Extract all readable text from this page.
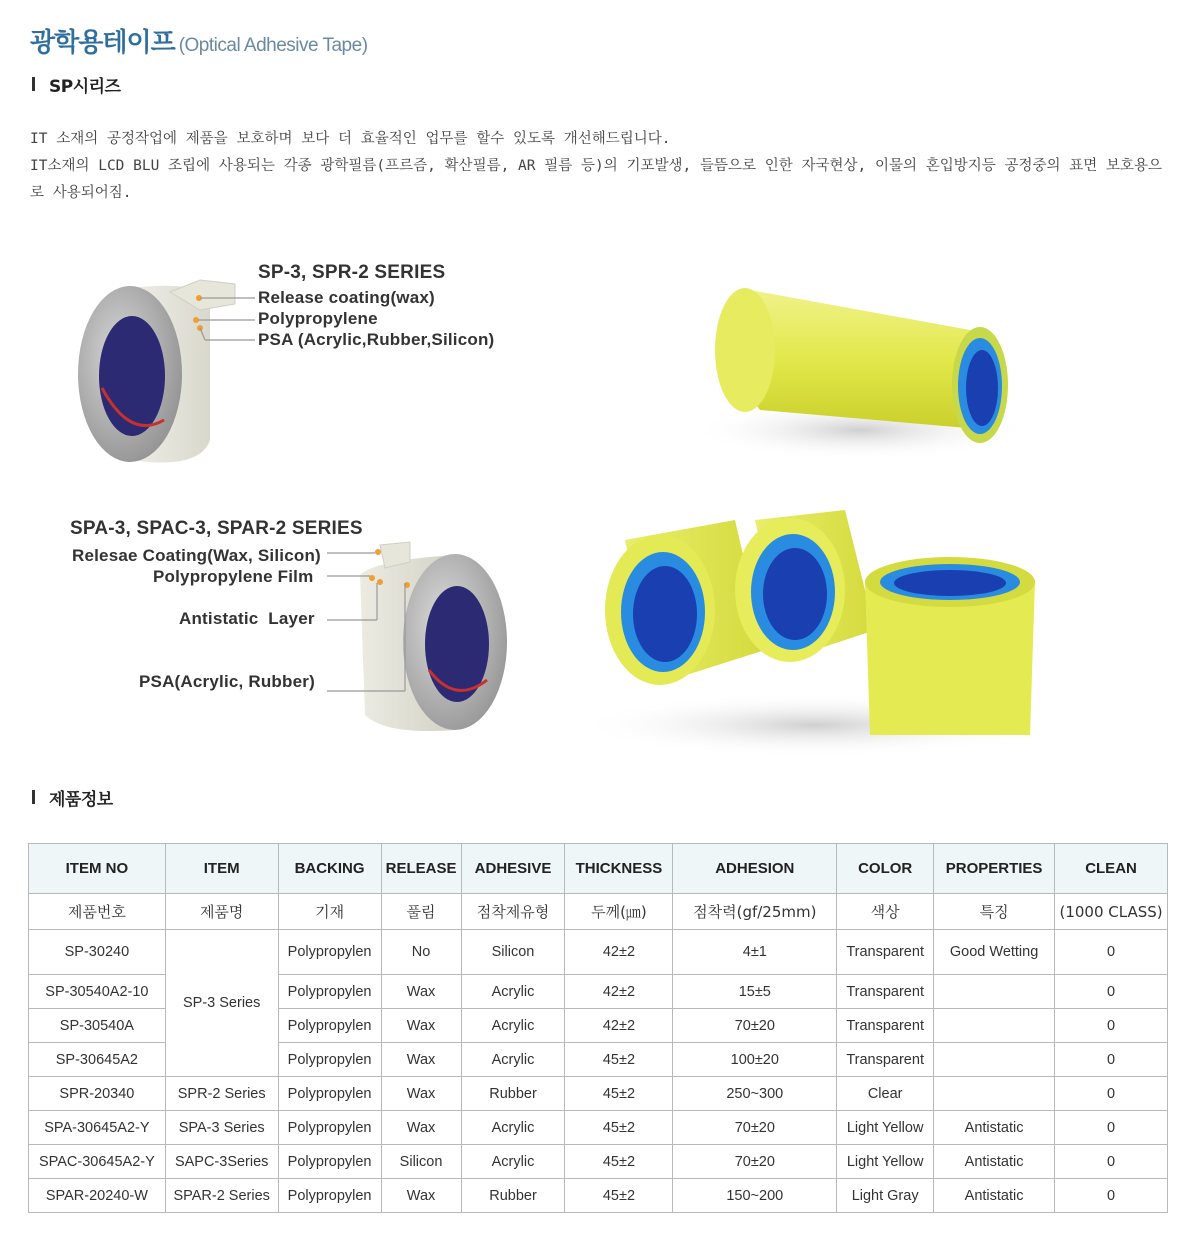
광학용테이프 (Optical Adhesive Tape)
SP시리즈

IT 소재의 공정작업에 제품을 보호하며 보다 더 효율적인 업무를 할수 있도록 개선해드립니다.

IT소재의 LCD BLU 조립에 사용되는 각종 광학필름(프르즘, 확산필름, AR 필름 등)의 기포발생, 들뜸으로 인한 자국현상, 이물의 혼입방지등 공정중의 표면 보호용으로 사용되어짐.

SP-3, SPR-2 SERIES
Release coating(wax)
Polypropylene
PSA (Acrylic,Rubber,Silicon)
SPA-3, SPAC-3, SPAR-2 SERIES
Relesae Coating(Wax, Silicon)
Polypropylene Film
Antistatic  Layer
PSA(Acrylic, Rubber)
제품정보
ITEM NO	ITEM	BACKING	RELEASE	ADHESIVE	THICKNESS	ADHESION	COLOR	PROPERTIES	CLEAN
제품번호	제품명	기재	풀림	점착제유형	두께(㎛)	점착력(gf/25mm)	색상	특징	(1000 CLASS)
SP-30240	SP-3 Series	Polypropylen	No	Silicon	42±2	4±1	Transparent	Good Wetting	0
SP-30540A2-10		Polypropylen	Wax	Acrylic	42±2	15±5	Transparent		0
SP-30540A		Polypropylen	Wax	Acrylic	42±2	70±20	Transparent		0
SP-30645A2		Polypropylen	Wax	Acrylic	45±2	100±20	Transparent		0
SPR-20340	SPR-2 Series	Polypropylen	Wax	Rubber	45±2	250~300	Clear		0
SPA-30645A2-Y	SPA-3 Series	Polypropylen	Wax	Acrylic	45±2	70±20	Light Yellow	Antistatic	0
SPAC-30645A2-Y	SAPC-3Series	Polypropylen	Silicon	Acrylic	45±2	70±20	Light Yellow	Antistatic	0
SPAR-20240-W	SPAR-2 Series	Polypropylen	Wax	Rubber	45±2	150~200	Light Gray	Antistatic	0
